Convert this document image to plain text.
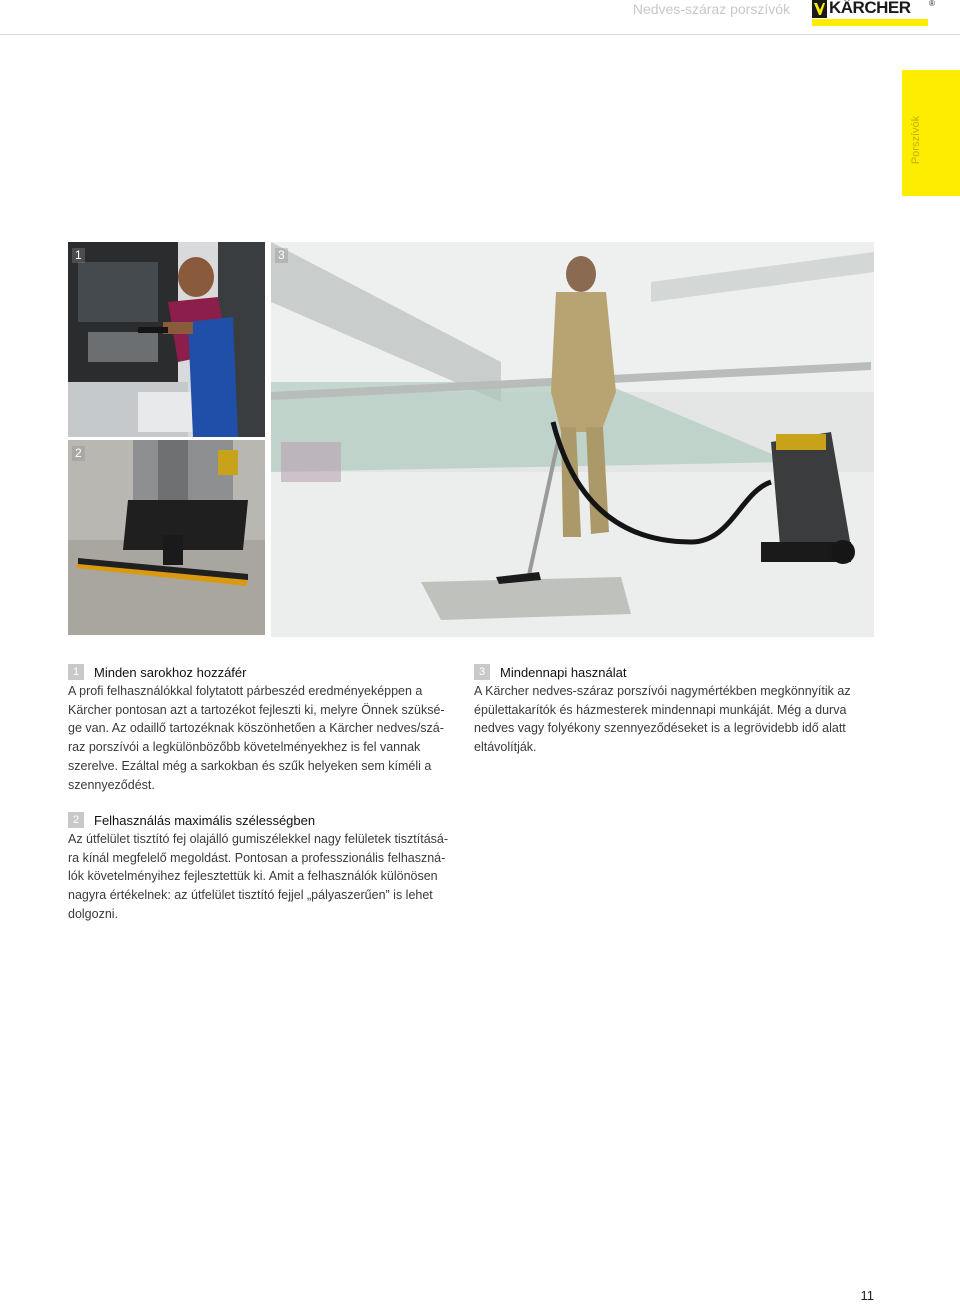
Nedves-száraz porszívók KÄRCHER ®
Porszívók
1
2
3
1	Minden sarokhoz hozzáfér

A profi felhasználókkal folytatott párbeszéd eredményeképpen a

Kärcher pontosan azt a tartozékot fejleszti ki, melyre Önnek szüksé-

ge van. Az odaillő tartozéknak köszönhetően a Kärcher nedves/szá-

raz porszívói a legkülönbözőbb követelményekhez is fel vannak

szerelve. Ezáltal még a sarkokban és szűk helyeken sem kíméli a

szennyeződést.

3	Mindennapi használat

A Kärcher nedves-száraz porszívói nagymértékben megkönnyítik az

épülettakarítók és házmesterek mindennapi munkáját. Még a durva

nedves vagy folyékony szennyeződéseket is a legrövidebb idő alatt

eltávolítják.

2	Felhasználás maximális szélességben

Az útfelület tisztító fej olajálló gumiszélekkel nagy felületek tisztításá-

ra kínál megfelelő megoldást. Pontosan a professzionális felhaszná-

lók követelményihez fejlesztettük ki. Amit a felhasználók különösen

nagyra értékelnek: az útfelület tisztító fejjel „pályaszerűen” is lehet

dolgozni.

11
